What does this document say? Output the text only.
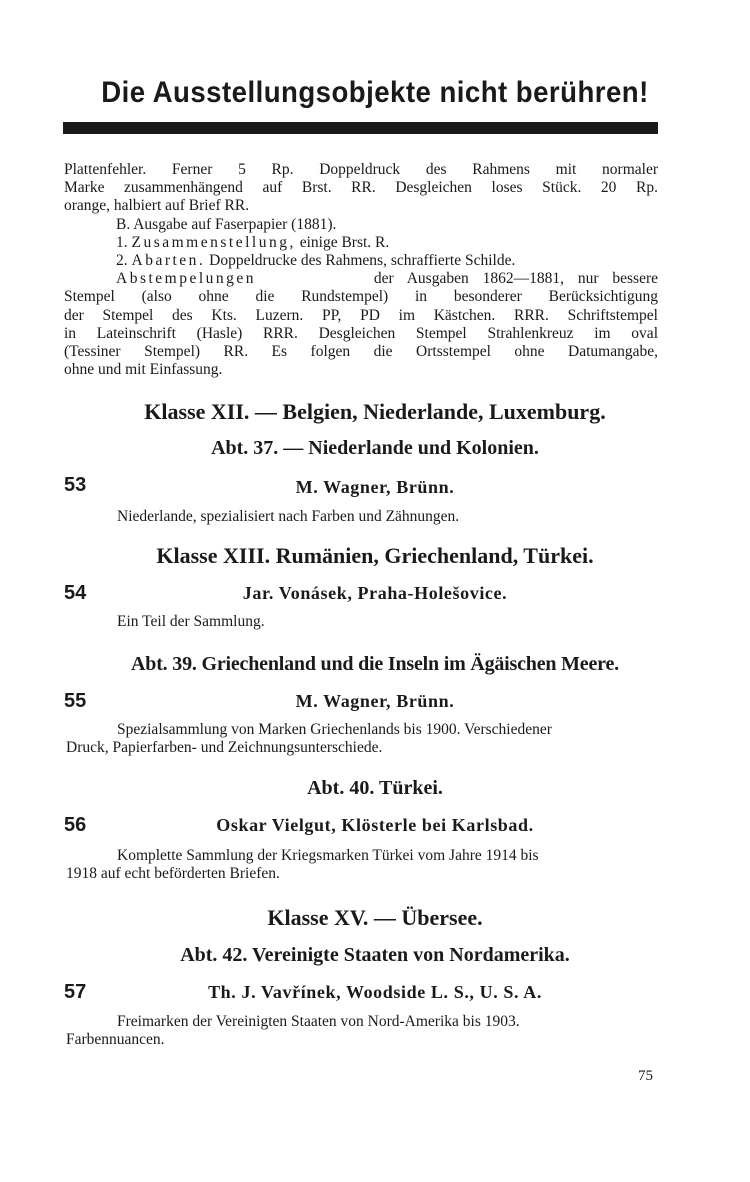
Die Ausstellungsobjekte nicht berühren!
Plattenfehler. Ferner 5 Rp. Doppeldruck des Rahmens mit normaler
Marke zusammenhängend auf Brst. RR. Desgleichen loses Stück. 20 Rp.
orange, halbiert auf Brief RR.
B. Ausgabe auf Faserpapier (1881).
1. Zusammenstellung, einige Brst. R.
2. Abarten. Doppeldrucke des Rahmens, schraffierte Schilde.
Abstempelungen	der Ausgaben 1862—1881, nur bessere
Stempel (also ohne die Rundstempel) in besonderer Berücksichtigung
der Stempel des Kts. Luzern. PP, PD im Kästchen. RRR. Schriftstempel
in Lateinschrift (Hasle) RRR. Desgleichen Stempel Strahlenkreuz im oval
(Tessiner Stempel) RR. Es folgen die Ortsstempel ohne Datumangabe,
ohne und mit Einfassung.
Klasse XII. — Belgien, Niederlande, Luxemburg.
Abt. 37. — Niederlande und Kolonien.
53	M. Wagner, Brünn.
Niederlande, spezialisiert nach Farben und Zähnungen.
Klasse XIII. Rumänien, Griechenland, Türkei.
54	Jar. Vonásek, Praha-Holešovice.
Ein Teil der Sammlung.
Abt. 39. Griechenland und die Inseln im Ägäischen Meere.
55	M. Wagner, Brünn.
Spezialsammlung von Marken Griechenlands bis 1900. Verschiedener
Druck, Papierfarben- und Zeichnungsunterschiede.
Abt. 40. Türkei.
56	Oskar Vielgut, Klösterle bei Karlsbad.
Komplette Sammlung der Kriegsmarken Türkei vom Jahre 1914 bis
1918 auf echt beförderten Briefen.
Klasse XV. — Übersee.
Abt. 42. Vereinigte Staaten von Nordamerika.
57	Th. J. Vavřínek, Woodside L. S., U. S. A.
Freimarken der Vereinigten Staaten von Nord-Amerika bis 1903.
Farbennuancen.
75
